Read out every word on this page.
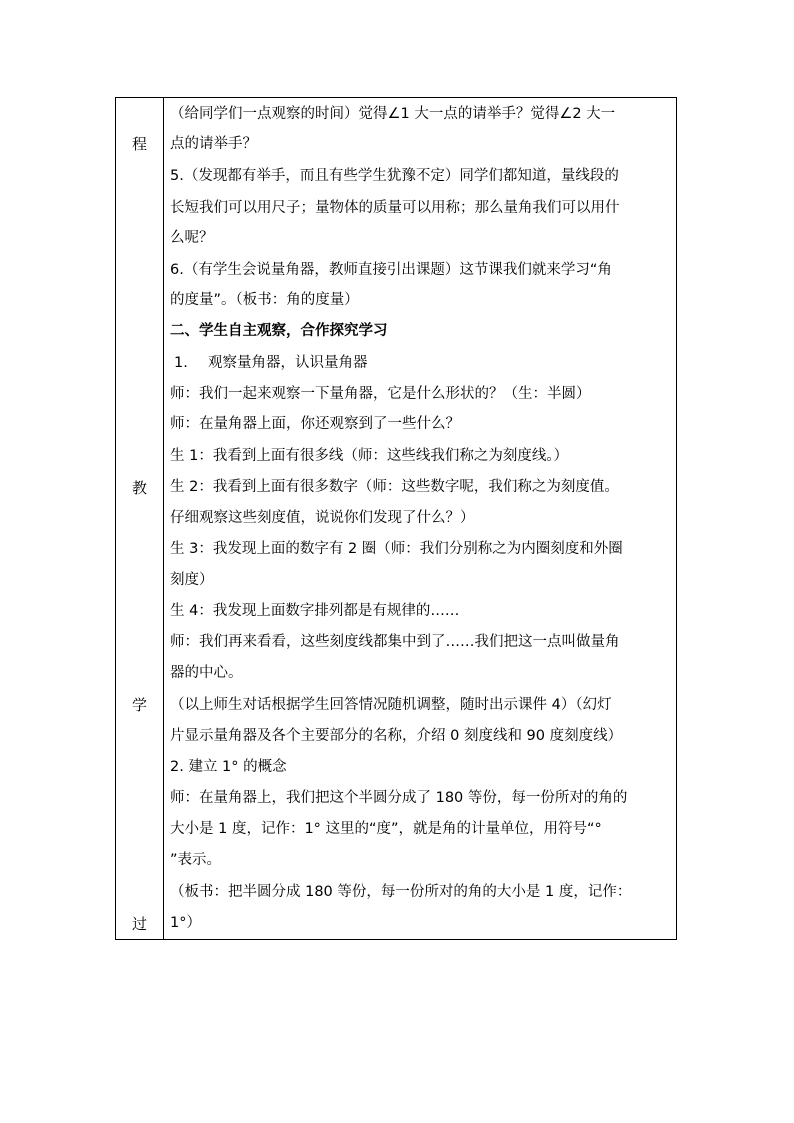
程
教
学
过
（给同学们一点观察的时间）觉得∠1 大一点的请举手？觉得∠2 大一
点的请举手？
5.（发现都有举手，而且有些学生犹豫不定）同学们都知道，量线段的
长短我们可以用尺子；量物体的质量可以用称；那么量角我们可以用什
么呢？
6.（有学生会说量角器，教师直接引出课题）这节课我们就来学习“角
的度量”。（板书：角的度量）
二、学生自主观察，合作探究学习
1.	观察量角器，认识量角器
师：我们一起来观察一下量角器，它是什么形状的？（生：半圆）
师：在量角器上面，你还观察到了一些什么？
生 1：我看到上面有很多线（师：这些线我们称之为刻度线。）
生 2：我看到上面有很多数字（师：这些数字呢，我们称之为刻度值。
仔细观察这些刻度值，说说你们发现了什么？）
生 3：我发现上面的数字有 2 圈（师：我们分别称之为内圈刻度和外圈
刻度）
生 4：我发现上面数字排列都是有规律的……
师：我们再来看看，这些刻度线都集中到了……我们把这一点叫做量角
器的中心。
（以上师生对话根据学生回答情况随机调整，随时出示课件 4）（幻灯
片显示量角器及各个主要部分的名称，介绍 0 刻度线和 90 度刻度线）
2. 建立 1° 的概念
师：在量角器上，我们把这个半圆分成了 180 等份，每一份所对的角的
大小是 1 度，记作：1° 这里的“度”，就是角的计量单位，用符号“°
”表示。
（板书：把半圆分成 180 等份，每一份所对的角的大小是 1 度，记作：
1°）
